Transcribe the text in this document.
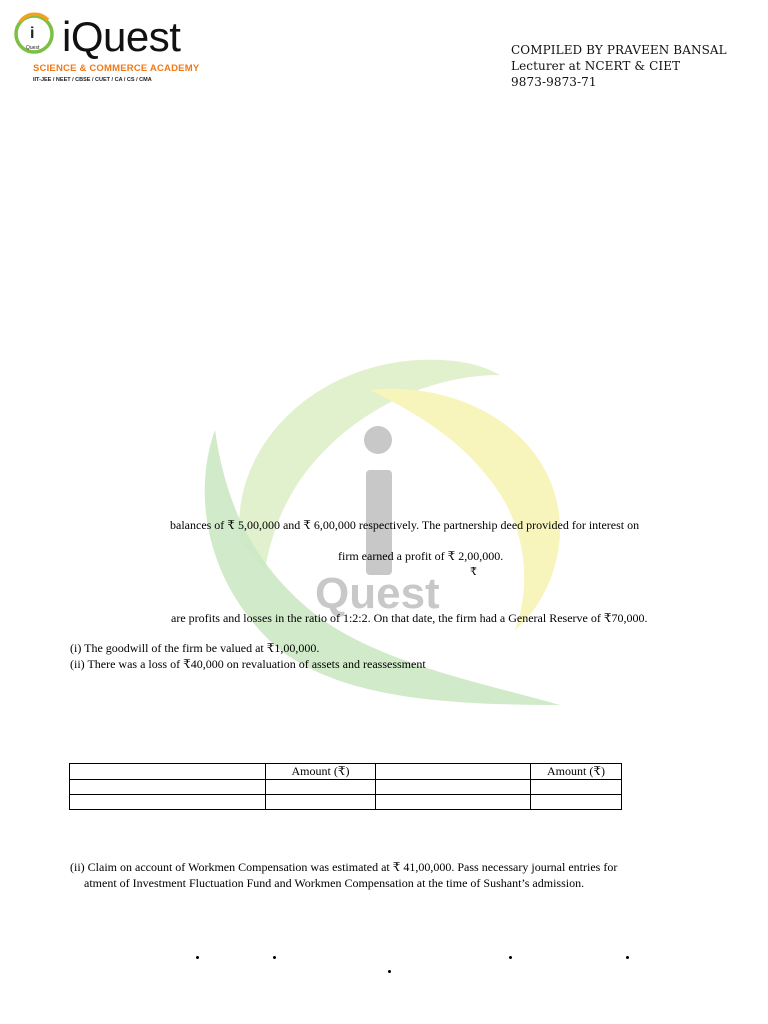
i
Quest iQuest
SCIENCE & COMMERCE ACADEMY
IIT-JEE / NEET / CBSE / CUET / CA / CS / CMA
COMPILED BY PRAVEEN BANSAL
Lecturer at NCERT & CIET
9873-9873-71
Quest
balances of ₹ 5,00,000 and ₹ 6,00,000 respectively. The partnership deed provided for interest on
firm earned a profit of ₹ 2,00,000.
₹
are profits and losses in the ratio of 1:2:2. On that date, the firm had a General Reserve of ₹70,000.
(i) The goodwill of the firm be valued at ₹1,00,000.
(ii) There was a loss of ₹40,000 on revaluation of assets and reassessment
	Amount (₹)		Amount (₹)

(ii) Claim on account of Workmen Compensation was estimated at ₹ 41,00,000. Pass necessary journal entries for
atment of Investment Fluctuation Fund and Workmen Compensation at the time of Sushant’s admission.
